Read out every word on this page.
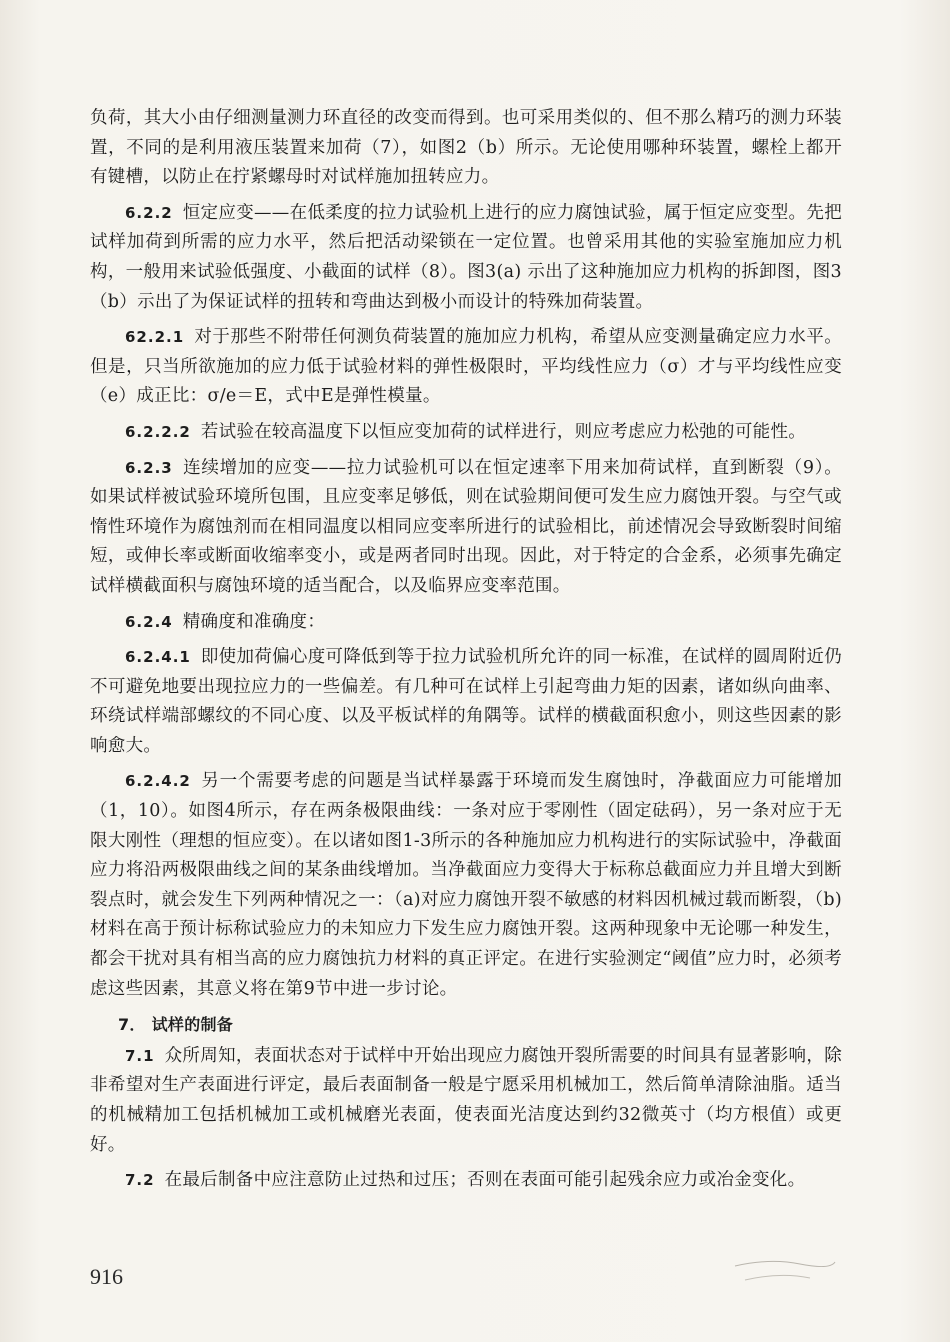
负荷，其大小由仔细测量测力环直径的改变而得到。也可采用类似的、但不那么精巧的测力环装置，不同的是利用液压装置来加荷（7），如图2（b）所示。无论使用哪种环装置，螺栓上都开有键槽，以防止在拧紧螺母时对试样施加扭转应力。

6.2.2 恒定应变——在低柔度的拉力试验机上进行的应力腐蚀试验，属于恒定应变型。先把试样加荷到所需的应力水平，然后把活动梁锁在一定位置。也曾采用其他的实验室施加应力机构，一般用来试验低强度、小截面的试样（8）。图3(a) 示出了这种施加应力机构的拆卸图，图3（b）示出了为保证试样的扭转和弯曲达到极小而设计的特殊加荷装置。

62.2.1 对于那些不附带任何测负荷装置的施加应力机构，希望从应变测量确定应力水平。但是，只当所欲施加的应力低于试验材料的弹性极限时，平均线性应力（σ）才与平均线性应变（e）成正比：σ/e＝E，式中E是弹性模量。

6.2.2.2 若试验在较高温度下以恒应变加荷的试样进行，则应考虑应力松弛的可能性。

6.2.3 连续增加的应变——拉力试验机可以在恒定速率下用来加荷试样，直到断裂（9）。如果试样被试验环境所包围，且应变率足够低，则在试验期间便可发生应力腐蚀开裂。与空气或惰性环境作为腐蚀剂而在相同温度以相同应变率所进行的试验相比，前述情况会导致断裂时间缩短，或伸长率或断面收缩率变小，或是两者同时出现。因此，对于特定的合金系，必须事先确定试样横截面积与腐蚀环境的适当配合，以及临界应变率范围。

6.2.4 精确度和准确度：

6.2.4.1 即使加荷偏心度可降低到等于拉力试验机所允许的同一标准，在试样的圆周附近仍不可避免地要出现拉应力的一些偏差。有几种可在试样上引起弯曲力矩的因素，诸如纵向曲率、环绕试样端部螺纹的不同心度、以及平板试样的角隅等。试样的横截面积愈小，则这些因素的影响愈大。

6.2.4.2 另一个需要考虑的问题是当试样暴露于环境而发生腐蚀时，净截面应力可能增加（1，10）。如图4所示，存在两条极限曲线：一条对应于零刚性（固定砝码），另一条对应于无限大刚性（理想的恒应变）。在以诸如图1-3所示的各种施加应力机构进行的实际试验中，净截面应力将沿两极限曲线之间的某条曲线增加。当净截面应力变得大于标称总截面应力并且增大到断裂点时，就会发生下列两种情况之一：（a)对应力腐蚀开裂不敏感的材料因机械过载而断裂，（b)材料在高于预计标称试验应力的未知应力下发生应力腐蚀开裂。这两种现象中无论哪一种发生，都会干扰对具有相当高的应力腐蚀抗力材料的真正评定。在进行实验测定“阈值”应力时，必须考虑这些因素，其意义将在第9节中进一步讨论。

7． 试样的制备

7.1 众所周知，表面状态对于试样中开始出现应力腐蚀开裂所需要的时间具有显著影响，除非希望对生产表面进行评定，最后表面制备一般是宁愿采用机械加工，然后简单清除油脂。适当的机械精加工包括机械加工或机械磨光表面，使表面光洁度达到约32微英寸（均方根值）或更好。

7.2 在最后制备中应注意防止过热和过压；否则在表面可能引起残余应力或冶金变化。

916
